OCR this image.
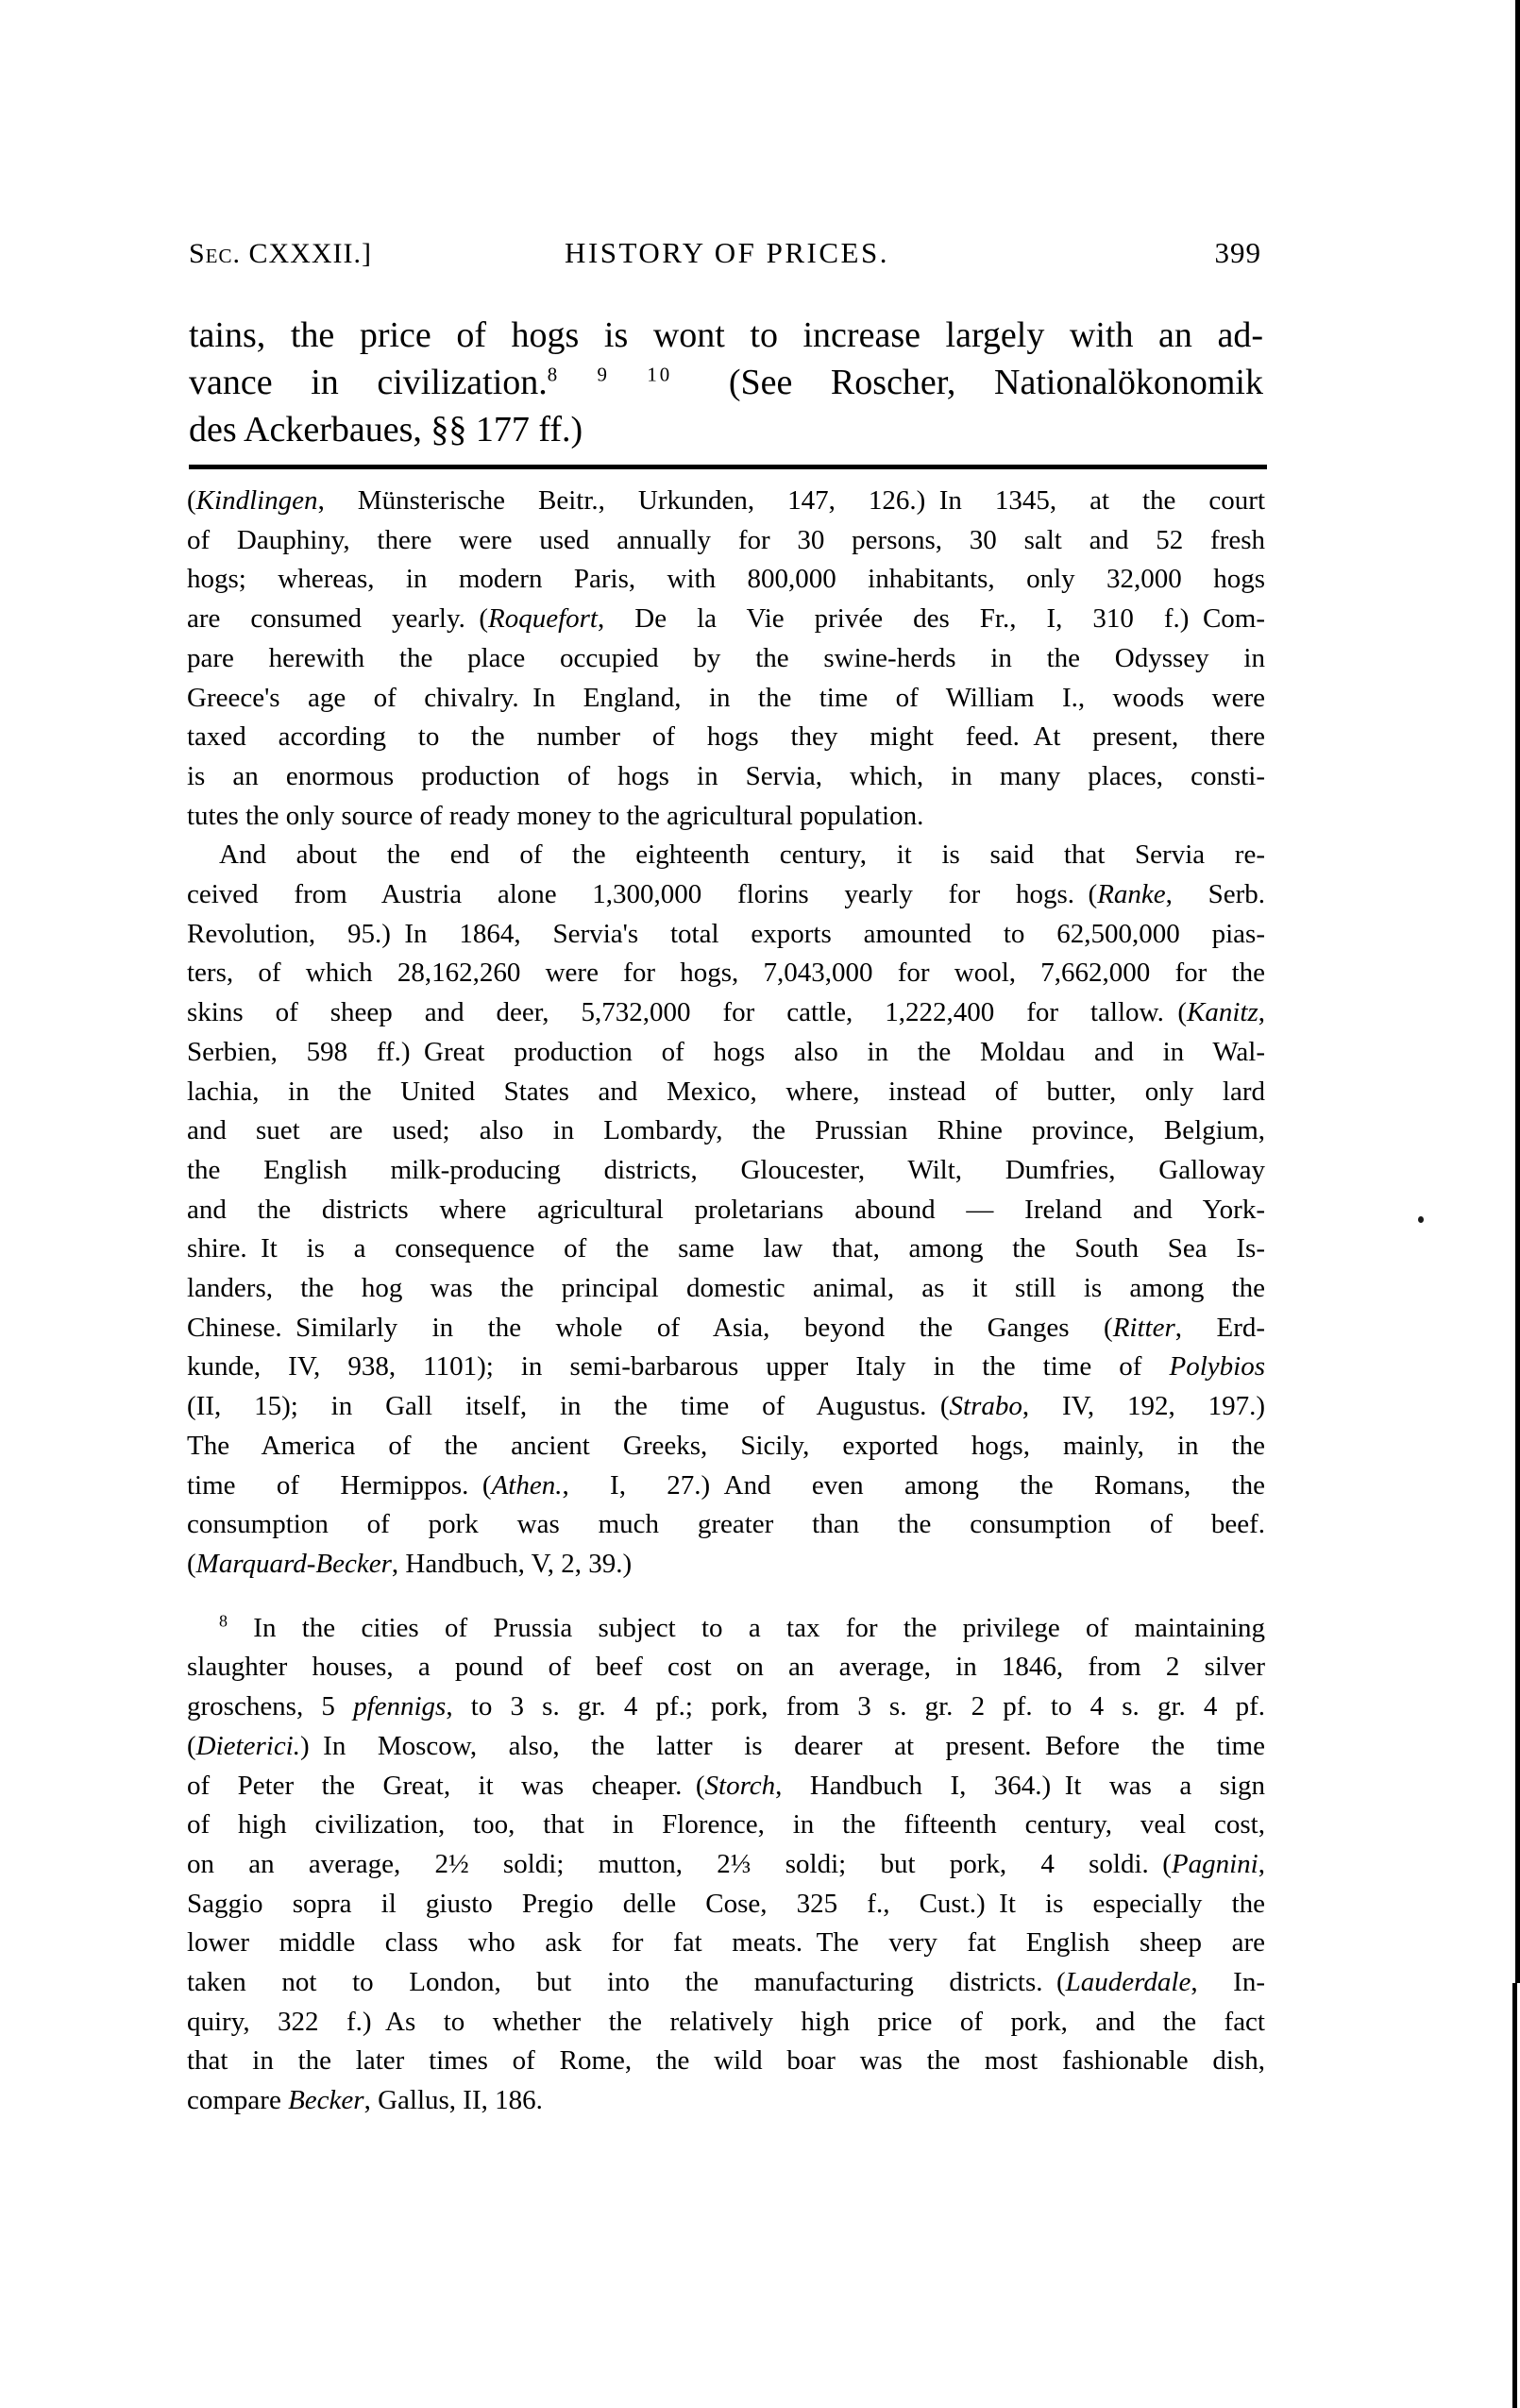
Sec. CXXXII.]	HISTORY OF PRICES.	399
tains, the price of hogs is wont to increase largely with an ad-
vance in civilization.$^{8 9 10}$  (See Roscher, Nationalökonomik
des Ackerbaues, §§ 177 ff.)
(Kindlingen, Münsterische Beitr., Urkunden, 147, 126.) In 1345, at the court
of Dauphiny, there were used annually for 30 persons, 30 salt and 52 fresh
hogs; whereas, in modern Paris, with 800,000 inhabitants, only 32,000 hogs
are consumed yearly. (Roquefort, De la Vie privée des Fr., I, 310 f.) Com-
pare herewith the place occupied by the swine-herds in the Odyssey in
Greece's age of chivalry. In England, in the time of William I., woods were
taxed according to the number of hogs they might feed. At present, there
is an enormous production of hogs in Servia, which, in many places, consti-
tutes the only source of ready money to the agricultural population.
And about the end of the eighteenth century, it is said that Servia re-
ceived from Austria alone 1,300,000 florins yearly for hogs. (Ranke, Serb.
Revolution, 95.) In 1864, Servia's total exports amounted to 62,500,000 pias-
ters, of which 28,162,260 were for hogs, 7,043,000 for wool, 7,662,000 for the
skins of sheep and deer, 5,732,000 for cattle, 1,222,400 for tallow. (Kanitz,
Serbien, 598 ff.) Great production of hogs also in the Moldau and in Wal-
lachia, in the United States and Mexico, where, instead of butter, only lard
and suet are used; also in Lombardy, the Prussian Rhine province, Belgium,
the English milk-producing districts, Gloucester, Wilt, Dumfries, Galloway
and the districts where agricultural proletarians abound — Ireland and York-
shire. It is a consequence of the same law that, among the South Sea Is-
landers, the hog was the principal domestic animal, as it still is among the
Chinese. Similarly in the whole of Asia, beyond the Ganges (Ritter, Erd-
kunde, IV, 938, 1101); in semi-barbarous upper Italy in the time of Polybios
(II, 15); in Gall itself, in the time of Augustus. (Strabo, IV, 192, 197.)
The America of the ancient Greeks, Sicily, exported hogs, mainly, in the
time of Hermippos. (Athen., I, 27.) And even among the Romans, the
consumption of pork was much greater than the consumption of beef.
(Marquard-Becker, Handbuch, V, 2, 39.)
$^8$ In the cities of Prussia subject to a tax for the privilege of maintaining
slaughter houses, a pound of beef cost on an average, in 1846, from 2 silver
groschens, 5 pfennigs, to 3 s. gr. 4 pf.; pork, from 3 s. gr. 2 pf. to 4 s. gr. 4 pf.
(Dieterici.) In Moscow, also, the latter is dearer at present. Before the time
of Peter the Great, it was cheaper. (Storch, Handbuch I, 364.) It was a sign
of high civilization, too, that in Florence, in the fifteenth century, veal cost,
on an average, 2½ soldi; mutton, 2⅓ soldi; but pork, 4 soldi. (Pagnini,
Saggio sopra il giusto Pregio delle Cose, 325 f., Cust.) It is especially the
lower middle class who ask for fat meats. The very fat English sheep are
taken not to London, but into the manufacturing districts. (Lauderdale, In-
quiry, 322 f.) As to whether the relatively high price of pork, and the fact
that in the later times of Rome, the wild boar was the most fashionable dish,
compare Becker, Gallus, II, 186.
